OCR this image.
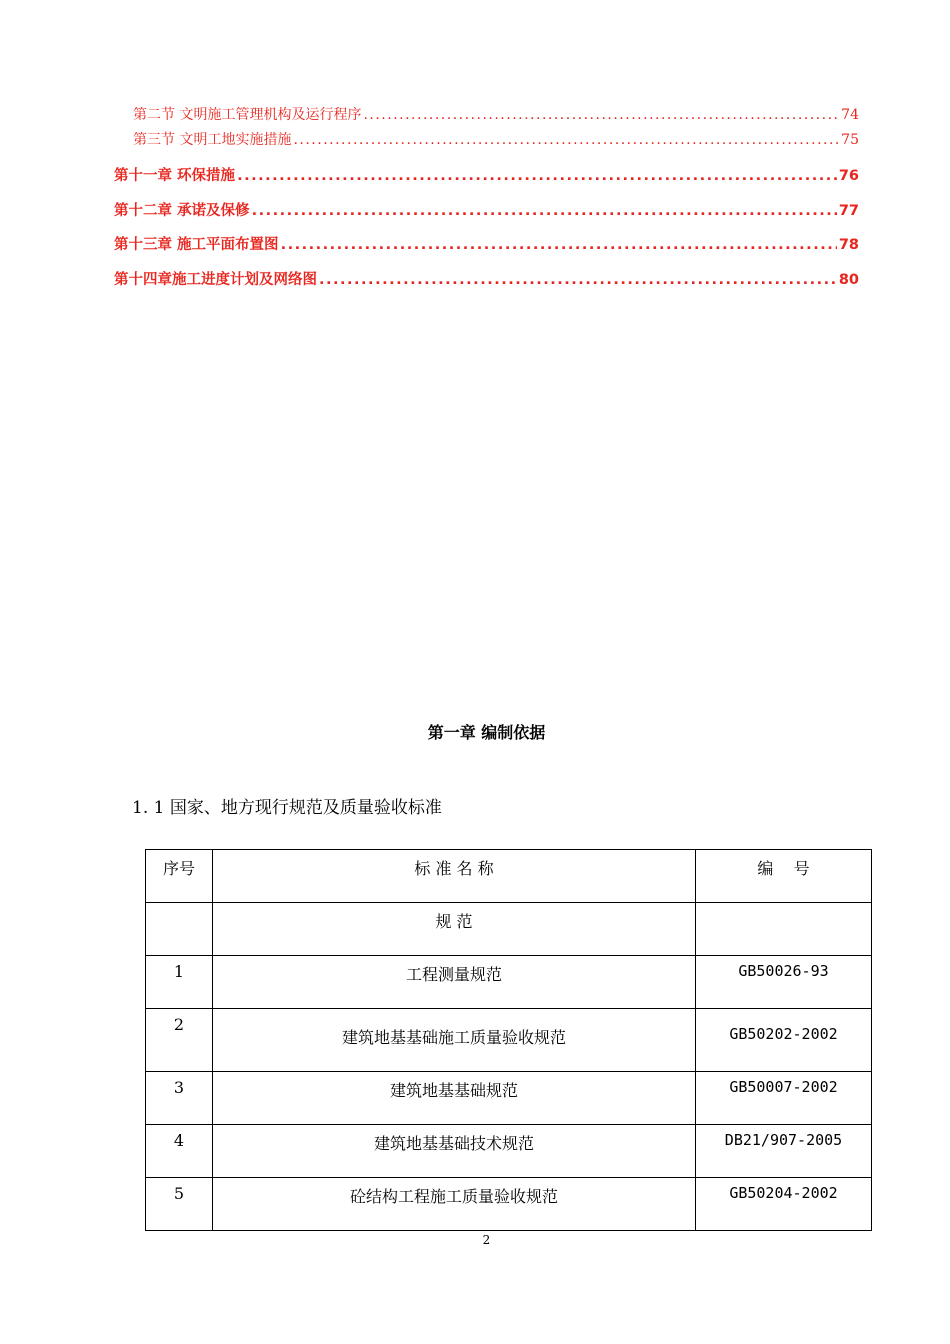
第二节 文明施工管理机构及运行程序 .....	74
第三节 文明工地实施措施 .....	75
第十一章 环保措施 .....	76
第十二章 承诺及保修 .....	77
第十三章 施工平面布置图 .....	78
第十四章施工进度计划及网络图 .....	80
第一章 编制依据
1. 1 国家、地方现行规范及质量验收标准
序号	标 准 名 称	编    号
	规 范	
1	工程测量规范	GB50026-93
2	建筑地基基础施工质量验收规范	GB50202-2002
3	建筑地基基础规范	GB50007-2002
4	建筑地基基础技术规范	DB21/907-2005
5	砼结构工程施工质量验收规范	GB50204-2002
2
